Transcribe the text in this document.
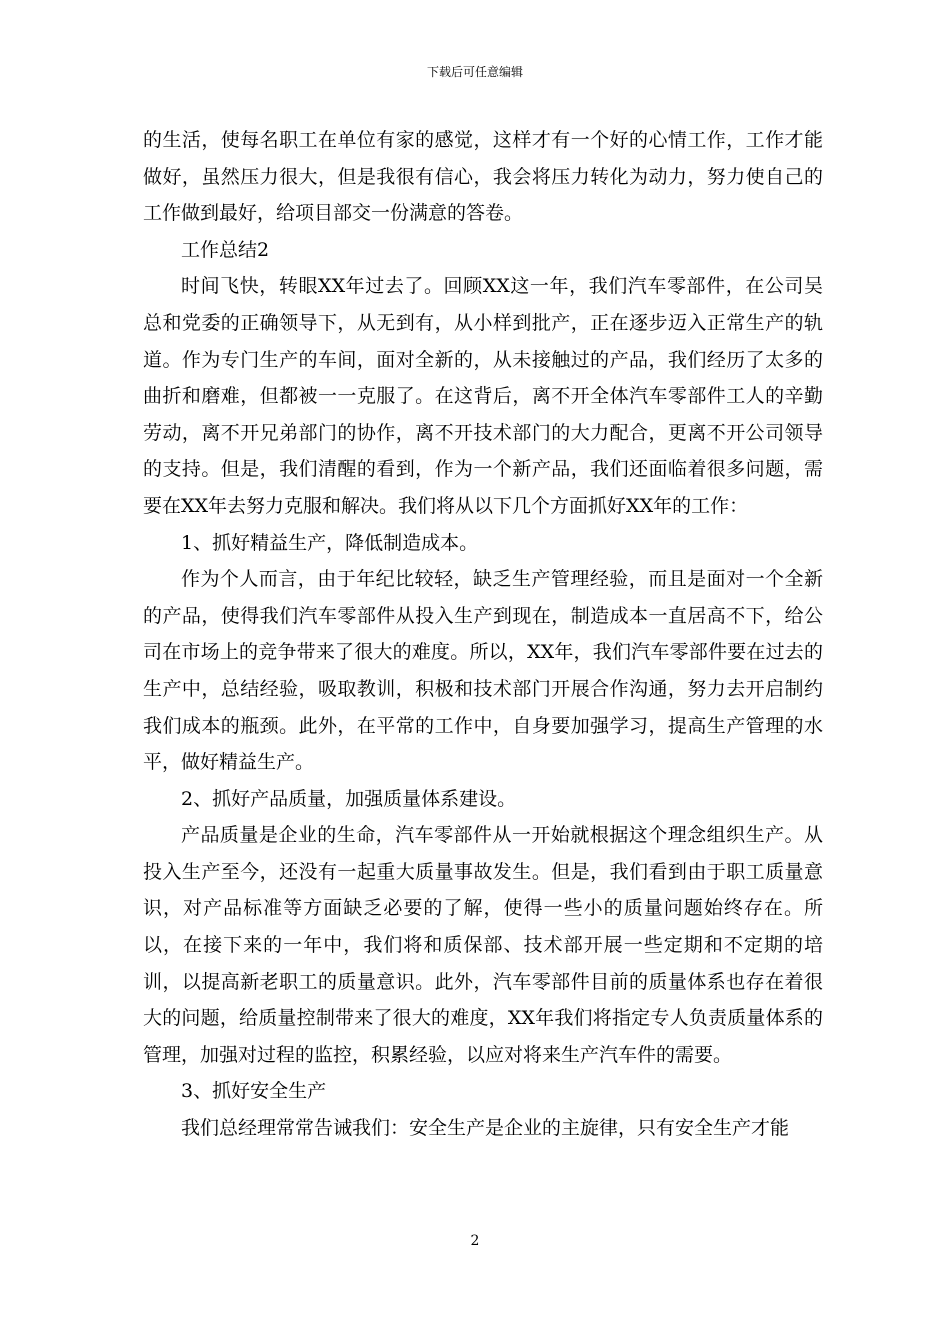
下载后可任意编辑

的生活，使每名职工在单位有家的感觉，这样才有一个好的心情工作，工作才能做好，虽然压力很大，但是我很有信心，我会将压力转化为动力，努力使自己的工作做到最好，给项目部交一份满意的答卷。

工作总结2

时间飞快，转眼XX年过去了。回顾XX这一年，我们汽车零部件，在公司吴总和党委的正确领导下，从无到有，从小样到批产，正在逐步迈入正常生产的轨道。作为专门生产的车间，面对全新的，从未接触过的产品，我们经历了太多的曲折和磨难，但都被一一克服了。在这背后，离不开全体汽车零部件工人的辛勤劳动，离不开兄弟部门的协作，离不开技术部门的大力配合，更离不开公司领导的支持。但是，我们清醒的看到，作为一个新产品，我们还面临着很多问题，需要在XX年去努力克服和解决。我们将从以下几个方面抓好XX年的工作：

1、抓好精益生产，降低制造成本。

作为个人而言，由于年纪比较轻，缺乏生产管理经验，而且是面对一个全新的产品，使得我们汽车零部件从投入生产到现在，制造成本一直居高不下，给公司在市场上的竞争带来了很大的难度。所以，XX年，我们汽车零部件要在过去的生产中，总结经验，吸取教训，积极和技术部门开展合作沟通，努力去开启制约我们成本的瓶颈。此外，在平常的工作中，自身要加强学习，提高生产管理的水平，做好精益生产。

2、抓好产品质量，加强质量体系建设。

产品质量是企业的生命，汽车零部件从一开始就根据这个理念组织生产。从投入生产至今，还没有一起重大质量事故发生。但是，我们看到由于职工质量意识，对产品标准等方面缺乏必要的了解，使得一些小的质量问题始终存在。所以，在接下来的一年中，我们将和质保部、技术部开展一些定期和不定期的培训，以提高新老职工的质量意识。此外，汽车零部件目前的质量体系也存在着很大的问题，给质量控制带来了很大的难度，XX年我们将指定专人负责质量体系的管理，加强对过程的监控，积累经验，以应对将来生产汽车件的需要。

3、抓好安全生产

我们总经理常常告诫我们：安全生产是企业的主旋律，只有安全生产才能

2
